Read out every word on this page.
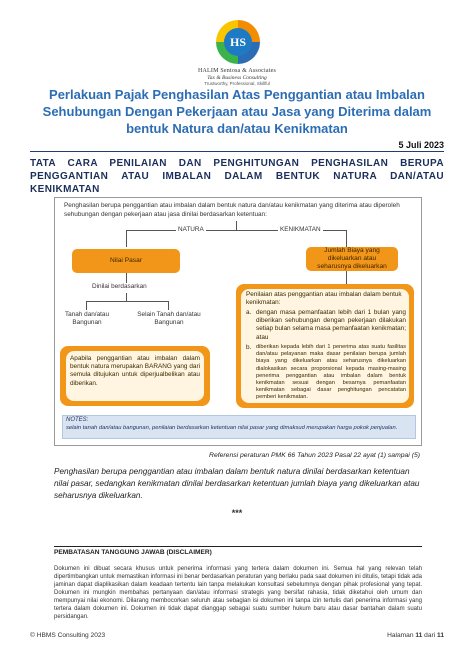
HS
HALIM Sentosa & Associates
Tax & Business Consulting
Trustworthy, Professional, Skillful
Perlakuan Pajak Penghasilan Atas Penggantian atau Imbalan Sehubungan Dengan Pekerjaan atau Jasa yang Diterima dalam bentuk Natura dan/atau Kenikmatan
5 Juli 2023
TATA CARA PENILAIAN DAN PENGHITUNGAN PENGHASILAN BERUPA PENGGANTIAN ATAU IMBALAN DALAM BENTUK NATURA DAN/ATAU KENIKMATAN
Penghasilan berupa penggantian atau imbalan dalam bentuk natura dan/atau kenikmatan yang diterima atau diperoleh sehubungan dengan pekerjaan atau jasa dinilai berdasarkan ketentuan:
NATURA	KENIKMATAN
Nilai Pasar
Jumlah Biaya yang dikeluarkan atau seharusnya dikeluarkan
Dinilai berdasarkan
Tanah dan/atau Bangunan
Selain Tanah dan/atau Bangunan
Apabila penggantian atau imbalan dalam bentuk natura merupakan BARANG yang dari semula ditujukan untuk diperjualbelikan atau diberikan.
Penilaian atas penggantian atau imbalan dalam bentuk kenikmatan:
a. dengan masa pemanfaatan lebih dari 1 bulan yang diberikan sehubungan dengan pekerjaan dilakukan setiap bulan selama masa pemanfaatan kenikmatan; atau
b. diberikan kepada lebih dari 1 penerima atas suatu fasilitas dan/atau pelayanan maka dasar penilaian berupa jumlah biaya yang dikeluarkan atau seharusnya dikeluarkan dialokasikan secara proporsional kepada masing-masing penerima penggantian atau imbalan dalam bentuk kenikmatan sesuai dengan besarnya pemanfaatan kenikmatan sebagai dasar penghitungan pencatatan pemberi kenikmatan.
NOTES:
selain tanah dan/atau bangunan, penilaian berdasarkan ketentuan nilai pasar yang dimaksud merupakan harga pokok penjualan.
Referensi peraturan PMK 66 Tahun 2023 Pasal 22 ayat (1) sampai (5)
Penghasilan berupa penggantian atau imbalan dalam bentuk natura dinilai berdasarkan ketentuan nilai pasar, sedangkan kenikmatan dinilai berdasarkan ketentuan jumlah biaya yang dikeluarkan atau seharusnya dikeluarkan.
***
PEMBATASAN TANGGUNG JAWAB (DISCLAIMER)
Dokumen ini dibuat secara khusus untuk penerima informasi yang tertera dalam dokumen ini. Semua hal yang relevan telah dipertimbangkan untuk memastikan informasi ini benar berdasarkan peraturan yang berlaku pada saat dokumen ini ditulis, tetapi tidak ada jaminan dapat diaplikasikan dalam keadaan tertentu lain tanpa melakukan konsultasi sebelumnya dengan pihak profesional yang tepat. Dokumen ini mungkin membahas pertanyaan dan/atau informasi strategis yang bersifat rahasia, tidak diketahui oleh umum dan mempunyai nilai ekonomi. Dilarang membocorkan seluruh atau sebagian isi dokumen ini tanpa izin tertulis dari penerima informasi yang tertera dalam dokumen ini. Dokumen ini tidak dapat dianggap sebagai suatu sumber hukum baru atau dasar bantahan dalam suatu persidangan.
© HBMS Consulting 2023	Halaman 11 dari 11
